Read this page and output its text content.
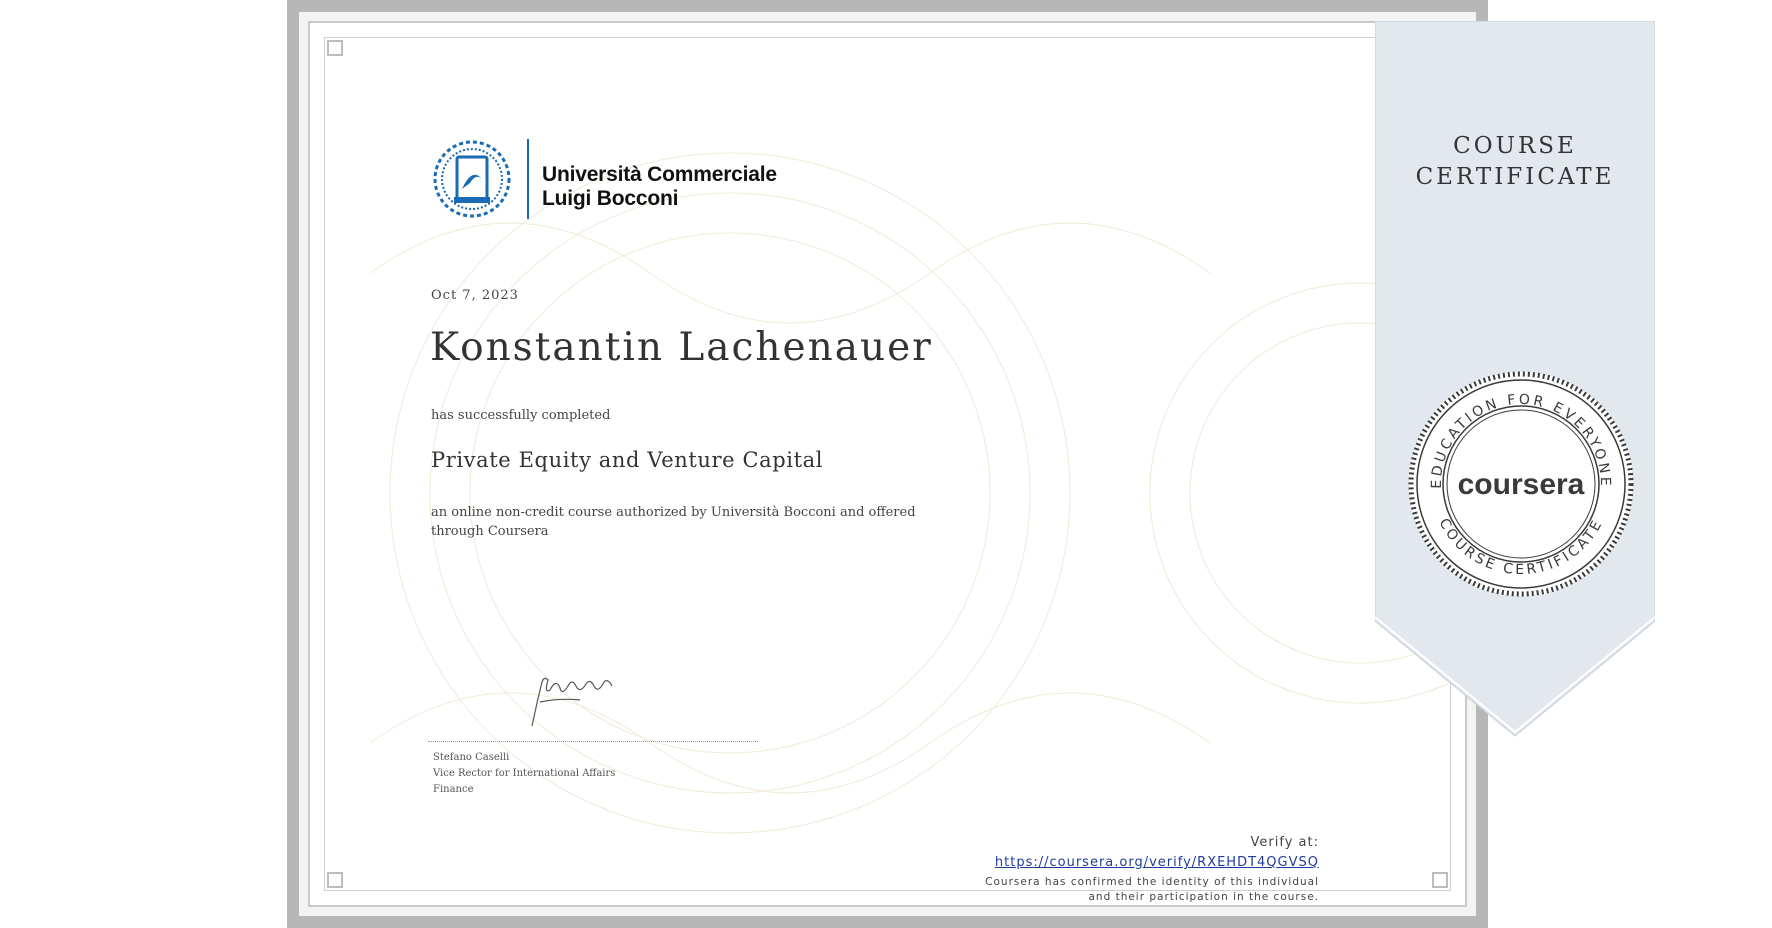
Università Commerciale
Luigi Bocconi
Oct 7, 2023
Konstantin Lachenauer
has successfully completed
Private Equity and Venture Capital
an online non-credit course authorized by Università Bocconi and offered through Coursera
Stefano Caselli
Vice Rector for International Affairs
Finance
COURSE
CERTIFICATE
EDUCATION FOR EVERYONE
COURSE CERTIFICATE
coursera
Verify at:
https://coursera.org/verify/RXEHDT4QGVSQ
Coursera has confirmed the identity of this individual and their participation in the course.
